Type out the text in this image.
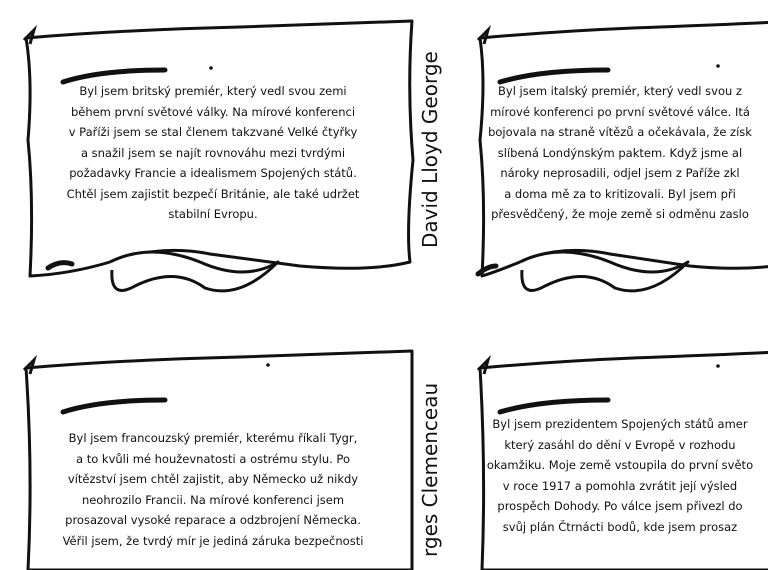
Byl jsem britský premiér, který vedl svou zemi
během první světové války. Na mírové konferenci
v Paříži jsem se stal členem takzvané Velké čtyřky
a snažil jsem se najít rovnováhu mezi tvrdými
požadavky Francie a idealismem Spojených států.
Chtěl jsem zajistit bezpečí Británie, ale také udržet
stabilní Evropu.	David Lloyd George	Byl jsem italský premiér, který vedl svou z
mírové konferenci po první světové válce. Itá
bojovala na straně vítězů a očekávala, že získ
slíbená Londýnským paktem. Když jsme al
nároky neprosadili, odjel jsem z Paříže zkl
a doma mě za to kritizovali. Byl jsem při
přesvědčený, že moje země si odměnu zaslo
Byl jsem francouzský premiér, kterému říkali Tygr,
a to kvůli mé houževnatosti a ostrému stylu. Po
vítězství jsem chtěl zajistit, aby Německo už nikdy
neohrozilo Francii. Na mírové konferenci jsem
prosazoval vysoké reparace a odzbrojení Německa.
Věřil jsem, že tvrdý mír je jediná záruka bezpečnosti	rges Clemenceau	Byl jsem prezidentem Spojených států amer
který zasáhl do dění v Evropě v rozhodu
okamžiku. Moje země vstoupila do první světo
v roce 1917 a pomohla zvrátit její výsled
prospěch Dohody. Po válce jsem přivezl do
svůj plán Čtrnácti bodů, kde jsem prosaz
